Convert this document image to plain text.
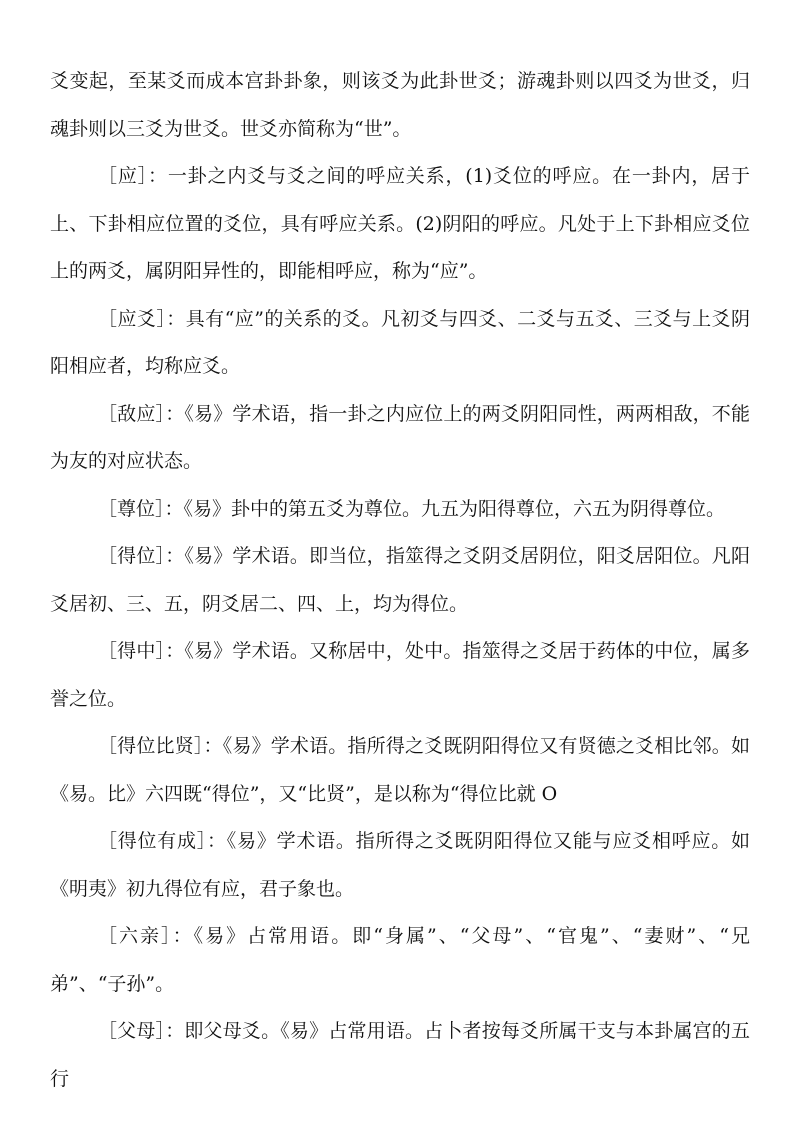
爻变起，至某爻而成本宫卦卦象，则该爻为此卦世爻；游魂卦则以四爻为世爻，归魂卦则以三爻为世爻。世爻亦简称为“世”。

［应］：一卦之内爻与爻之间的呼应关系，(1)爻位的呼应。在一卦内，居于上、下卦相应位置的爻位，具有呼应关系。(2)阴阳的呼应。凡处于上下卦相应爻位上的两爻，属阴阳异性的，即能相呼应，称为“应”。

［应爻］：具有“应”的关系的爻。凡初爻与四爻、二爻与五爻、三爻与上爻阴阳相应者，均称应爻。

［敌应］：《易》学术语，指一卦之内应位上的两爻阴阳同性，两两相敌，不能为友的对应状态。

［尊位］：《易》卦中的第五爻为尊位。九五为阳得尊位，六五为阴得尊位。

［得位］：《易》学术语。即当位，指筮得之爻阴爻居阴位，阳爻居阳位。凡阳爻居初、三、五，阴爻居二、四、上，均为得位。

［得中］：《易》学术语。又称居中，处中。指筮得之爻居于药体的中位，属多誉之位。

［得位比贤］：《易》学术语。指所得之爻既阴阳得位又有贤德之爻相比邻。如《易。比》六四既“得位”，又“比贤”，是以称为“得位比就 O

［得位有成］：《易》学术语。指所得之爻既阴阳得位又能与应爻相呼应。如《明夷》初九得位有应，君子象也。

［六亲］：《易》占常用语。即“身属”、“父母”、“官鬼”、“妻财”、“兄弟”、“子孙”。

［父母］：即父母爻。《易》占常用语。占卜者按每爻所属干支与本卦属宫的五行
